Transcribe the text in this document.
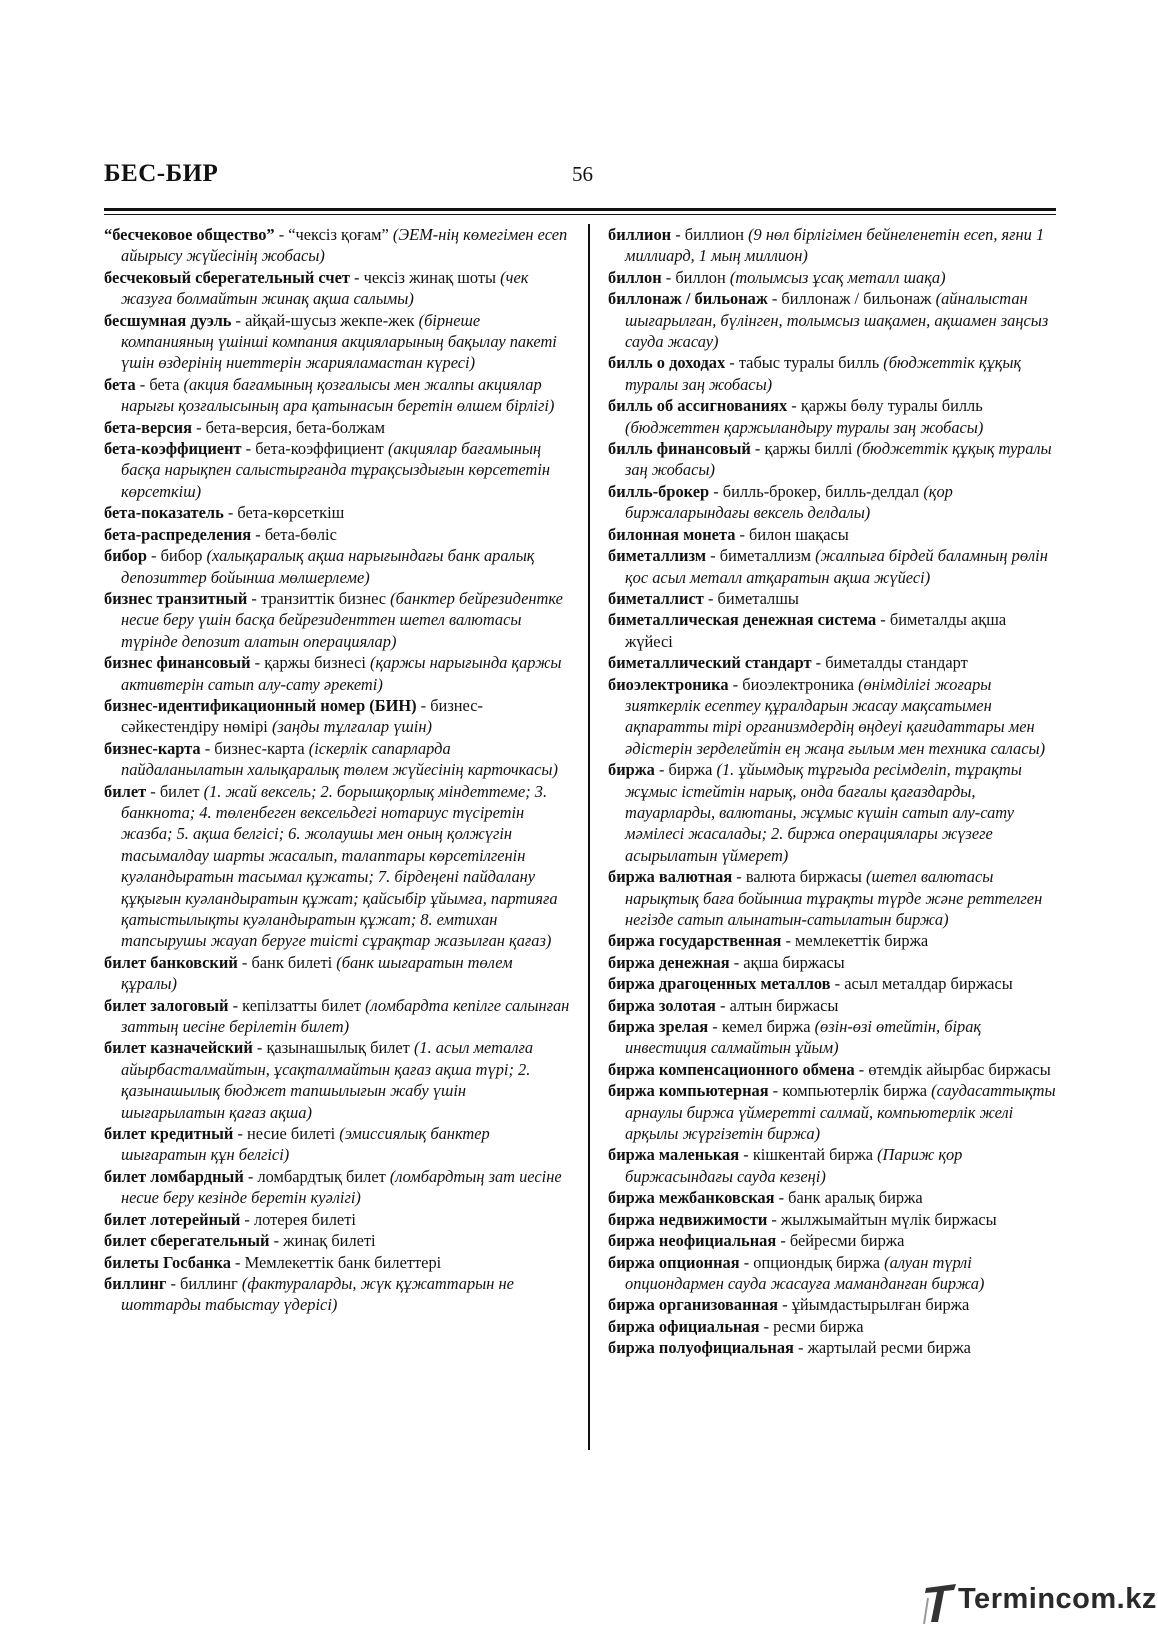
БЕС-БИР	56

“бесчековое общество” - “чексіз қоғам” (ЭЕМ-нің көмегімен есеп айырысу жүйесінің жобасы)

бесчековый сберегательный счет - чексіз жинақ шоты (чек жазуға болмайтын жинақ ақша салымы)

бесшумная дуэль - айқай-шусыз жекпе-жек (бірнеше компанияның үшінші компания акцияларының бақылау пакеті үшін өздерінің ниеттерін жарияламастан күресі)

бета - бета (акция бағамының қозғалысы мен жалпы акциялар нарығы қозғалысының ара қатынасын беретін өлшем бірлігі)

бета-версия - бета-версия, бета-болжам

бета-коэффициент - бета-коэффициент (акциялар бағамының басқа нарықпен салыстырғанда тұрақсыздығын көрсететін көрсеткіш)

бета-показатель - бета-көрсеткіш

бета-распределения - бета-бөліс

бибор - бибор (халықаралық ақша нарығындағы банк аралық депозиттер бойынша мөлшерлеме)

бизнес транзитный - транзиттік бизнес (банктер бейрезидентке несие беру үшін басқа бейрезиденттен шетел валютасы түрінде депозит алатын операциялар)

бизнес финансовый - қаржы бизнесі (қаржы нарығында қаржы активтерін сатып алу-сату әрекеті)

бизнес-идентификационный номер (БИН) - бизнес-сәйкестендіру нөмірі (заңды тұлғалар үшін)

бизнес-карта - бизнес-карта (іскерлік сапарларда пайдаланылатын халықаралық төлем жүйесінің карточкасы)

билет - билет (1. жай вексель; 2. борышқорлық міндеттеме; 3. банкнота; 4. төленбеген вексельдегі нотариус түсіретін жазба; 5. ақша белгісі; 6. жолаушы мен оның қолжүгін тасымалдау шарты жасалып, талаптары көрсетілгенін куәландыратын тасымал құжаты; 7. бірдеңені пайдалану құқығын куәландыратын құжат; қайсыбір ұйымға, партияға қатыстылықты куәландыратын құжат; 8. емтихан тапсырушы жауап беруге тиісті сұрақтар жазылған қағаз)

билет банковский - банк билеті (банк шығаратын төлем құралы)

билет залоговый - кепілзатты билет (ломбардта кепілге салынған заттың иесіне берілетін билет)

билет казначейский - қазынашылық билет (1. асыл металға айырбасталмайтын, ұсақталмайтын қағаз ақша түрі; 2. қазынашылық бюджет тапшылығын жабу үшін шығарылатын қағаз ақша)

билет кредитный - несие билеті (эмиссиялық банктер шығаратын құн белгісі)

билет ломбардный - ломбардтық билет (ломбардтың зат иесіне несие беру кезінде беретін куәлігі)

билет лотерейный - лотерея билеті

билет сберегательный - жинақ билеті

билеты Госбанка - Мемлекеттік банк билеттері

биллинг - биллинг (фактураларды, жүк құжаттарын не шоттарды табыстау үдерісі)

биллион - биллион (9 нөл бірлігімен бейнеленетін есеп, яғни 1 миллиард, 1 мың миллион)

биллон - биллон (толымсыз ұсақ металл шақа)

биллонаж / бильонаж - биллонаж / бильонаж (айналыстан шығарылған, бүлінген, толымсыз шақамен, ақшамен заңсыз сауда жасау)

билль о доходах - табыс туралы билль (бюджеттік құқық туралы заң жобасы)

билль об ассигнованиях - қаржы бөлу туралы билль (бюджеттен қаржыландыру туралы заң жобасы)

билль финансовый - қаржы биллі (бюджеттік құқық туралы заң жобасы)

билль-брокер - билль-брокер, билль-делдал (қор биржаларындағы вексель делдалы)

билонная монета - билон шақасы

биметаллизм - биметаллизм (жалпыға бірдей баламның рөлін қос асыл металл атқаратын ақша жүйесі)

биметаллист - биметалшы

биметаллическая денежная система - биметалды ақша жүйесі

биметаллический стандарт - биметалды стандарт

биоэлектроника - биоэлектроника (өнімділігі жоғары зияткерлік есептеу құралдарын жасау мақсатымен ақпаратты тірі организмдердің өңдеуі қағидаттары мен әдістерін зерделейтін ең жаңа ғылым мен техника саласы)

биржа - биржа (1. ұйымдық тұрғыда ресімделіп, тұрақты жұмыс істейтін нарық, онда бағалы қағаздарды, тауарларды, валютаны, жұмыс күшін сатып алу-сату мәмілесі жасалады; 2. биржа операциялары жүзеге асырылатын үймерет)

биржа валютная - валюта биржасы (шетел валютасы нарықтық баға бойынша тұрақты түрде және реттелген негізде сатып алынатын-сатылатын биржа)

биржа государственная - мемлекеттік биржа

биржа денежная - ақша биржасы

биржа драгоценных металлов - асыл металдар биржасы

биржа золотая - алтын биржасы

биржа зрелая - кемел биржа (өзін-өзі өтейтін, бірақ инвестиция салмайтын ұйым)

биржа компенсационного обмена - өтемдік айырбас биржасы

биржа компьютерная - компьютерлік биржа (саудасаттықты арнаулы биржа үймеретті салмай, компьютерлік желі арқылы жүргізетін биржа)

биржа маленькая - кішкентай биржа (Париж қор биржасындағы сауда кезеңі)

биржа межбанковская - банк аралық биржа

биржа недвижимости - жылжымайтын мүлік биржасы

биржа неофициальная - бейресми биржа

биржа опционная - опциондық биржа (алуан түрлі опциондармен сауда жасауға маманданған биржа)

биржа организованная - ұйымдастырылған биржа

биржа официальная - ресми биржа

биржа полуофициальная - жартылай ресми биржа

Termincom.kz
